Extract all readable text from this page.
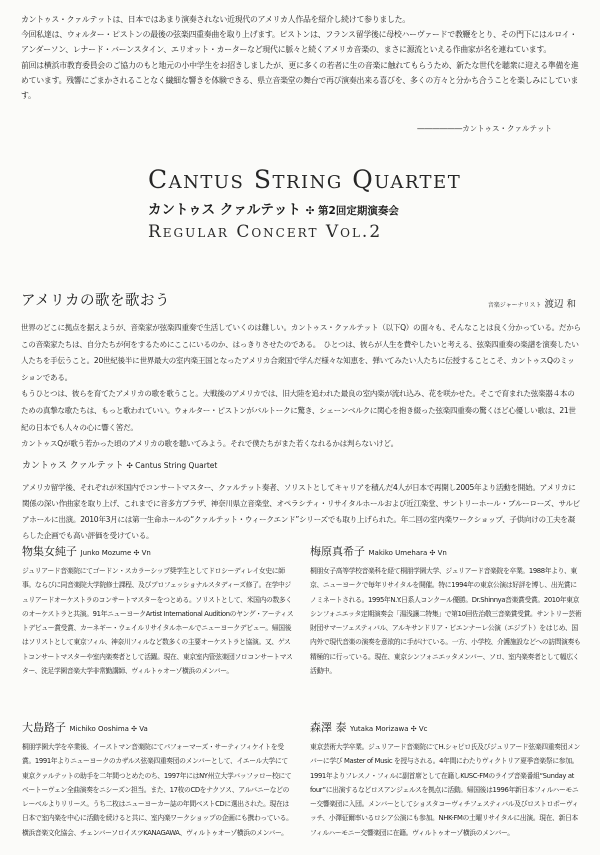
カントゥス・クァルテットは、日本ではあまり演奏されない近現代のアメリカ人作品を紹介し続けて参りました。

今回私達は、ウォルター・ピストンの最後の弦楽四重奏曲を取り上げます。ピストンは、フランス留学後に母校ハーヴァードで教鞭をとり、その門下にはルロイ・アンダーソン、レナード・バーンスタイン、エリオット・カーターなど現代に脈々と続くアメリカ音楽の、まさに源流といえる作曲家が名を連ねています。

前回は横浜市教育委員会のご協力のもと地元の小中学生をお招きしましたが、更に多くの若者に生の音楽に触れてもらうため、新たな世代を聴衆に迎える準備を進めています。残響にごまかされることなく繊細な響きを体験できる、県立音楽堂の舞台で再び演奏出来る喜びを、多くの方々と分かち合うことを楽しみにしています。

――――――カントゥス・クァルテット
Cantus String Quartet
カントゥス クァルテット ✣ 第2回定期演奏会
Regular Concert Vol.2
アメリカの歌を歌おう	音楽ジャーナリスト 渡辺 和

世界のどこに拠点を据えようが、音楽家が弦楽四重奏で生活していくのは難しい。カントゥス・クァルテット（以下Q）の面々も、そんなことは良く分かっている。だからこの音楽家たちは、自分たちが何をするためにここにいるのか、はっきりさせたのである。　ひとつは、彼らが人生を費やしたいと考える、弦楽四重奏の楽譜を演奏したい人たちを手伝うこと。20世紀後半に世界最大の室内楽王国となったアメリカ合衆国で学んだ様々な知恵を、弾いてみたい人たちに伝授することこそ、カントゥスQのミッションである。

もうひとつは、彼らを育てたアメリカの歌を歌うこと。大戦後のアメリカでは、旧大陸を追われた最良の室内楽が流れ込み、花を咲かせた。そこで育まれた弦楽器４本のための真摯な歌たちは、もっと歌われていい。ウォルター・ピストンがバルトークに驚き、シェーンベルクに関心を抱き綴った弦楽四重奏の驚くほど心優しい歌は、21世紀の日本でも人々の心に響く筈だ。

カントゥスQが歌う若かった頃のアメリカの歌を聴いてみよう。それで僕たちがまた若くなれるかは判らないけど。

カントゥス クァルテット ✣ Cantus String Quartet
アメリカ留学後、それぞれが米国内でコンサートマスター、クァルテット奏者、ソリストとしてキャリアを積んだ4人が日本で再開し2005年より活動を開始。アメリカに関係の深い作曲家を取り上げ、これまでに音多方ブラザ、神奈川県立音楽堂、オペラシティ・リサイタルホールおよび近江楽堂、サントリーホール・ブルーローズ、サルビアホールに出演。2010年3月には第一生命ホールの“クァルテット・ウィークエンド”シリーズでも取り上げられた。年二回の室内楽ワークショップ、子供向けの工夫を凝らした企画でも高い評価を受けている。
物集女純子 Junko Mozume ✣ Vn
ジュリアード音楽院にてゴードン・スカラーシップ奨学生としてドロシーディレイ女史に師事。ならびに同音楽院大学院修士課程、及びプロフェッショナルスタディーズ修了。在学中ジュリアードオーケストラのコンサートマスターをつとめる。ソリストとして、米国内の数多くのオーケストラと共演。91年ニューヨークArtist International Auditionのヤング・アーティストデビュー賞受賞、カーネギー・ウェイルリサイタルホールでニューヨークデビュー。帰国後はソリストとして東京フィル、神奈川フィルなど数多くの主要オーケストラと協演。又、ゲストコンサートマスターや室内楽奏者として活躍。現在、東京室内管弦楽団ソロコンサートマスター、洗足学園音楽大学非常勤講師、ヴィルトゥオーゾ横浜のメンバー。
梅原真希子 Makiko Umehara ✣ Vn
桐朋女子高等学校音楽科を経て桐朋学園大学、ジュリアード音楽院を卒業。1988年より、東京、ニューヨークで毎年リサイタルを開催。特に1994年の東京公演は好評を博し、出光賞にノミネートされる。1995年N.Y.日系人コンクール優勝。Dr.Shinnya音楽賞受賞。2010年東京シンフォニエッタ定期演奏会「湯浅讓二特集」で第10回佐治敬三音楽賞受賞。サントリー芸術財団サマーフェスティバル、アルキサンドリア・ビエンナーレ公演（エジプト）をはじめ、国内外で現代音楽の演奏を意欲的に手がけている。一方、小学校、介護施設などへの訪問演奏も精極的に行っている。現在、東京シンフォニエッタメンバー、ソロ、室内楽奏者として幅広く活動中。
大島路子 Michiko Ooshima ✣ Va
桐朋学園大学を卒業後、イーストマン音楽院にてパフォーマーズ・サーティフィケイトを受賞。1991年よりニューヨークのカザルス弦楽四重奏団のメンバーとして、イエール大学にて東京クァルテットの助手を二年間つとめたのち、1997年にはNY州立大学バッファロー校にてベートーヴェン全曲演奏をニシーズン担当。また、17枚のCDをナクソス、アルバニーなどのレーベルよりリリース。うち二枚はニューヨーカー誌の年間ベストCDに選出された。現在は日本で室内楽を中心に活動を続けると共に、室内楽ワークショップの企画にも携わっている。横浜音楽文化協会、チェンバーソロイスツKANAGAWA、ヴィルトゥオーゾ横浜のメンバー。
森澤 泰 Yutaka Morizawa ✣ Vc
東京芸術大学卒業。ジュリアード音楽院にてH.シャピロ氏及びジュリアード弦楽四重奏団メンバーに学び Master of Music を授与される。4年間にわたりヴィクトリア夏季音楽祭に参加。1991年よりフレスノ・フィルに副首席として在籍しKUSC-FMのライブ音楽番組“Sunday at four”に出演するなどロスアンジェルスを拠点に活動。帰国後は1996年新日本フィルハーモニー交響楽団に入団。メンバーとしてショスタコーヴィチフェスティバル及びロストロポーヴィッチ、小澤征爾率いるロシア公演にも参加。NHK-FMの土曜リサイタルに出演。現在、新日本フィルハーモニー交響楽団に在籍。ヴィルトゥオーゾ横浜のメンバー。
